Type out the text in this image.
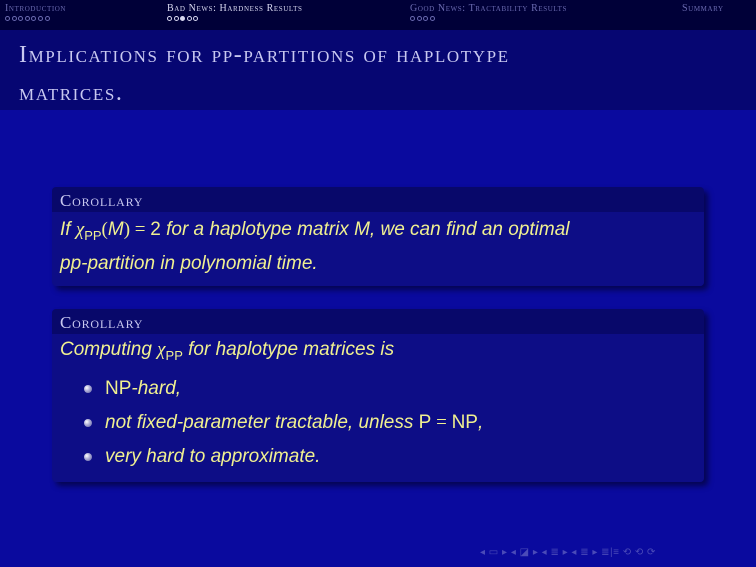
Introduction	Bad News: Hardness Results	Good News: Tractability Results	Summary
Implications for pp-partitions of haplotype
matrices.
Corollary
If $\chi_{PP}(M) = 2$ for a haplotype matrix M, we can find an optimal
pp-partition in polynomial time.
Corollary
Computing $\chi_{PP}$ for haplotype matrices is
NP-hard,
not fixed-parameter tractable, unless P = NP,
very hard to approximate.
◂ ▭ ▸ ◂ ◪ ▸ ◂ ≣ ▸ ◂ ≣ ▸ ≣|≡ ⟲ ⟲ ⟳
